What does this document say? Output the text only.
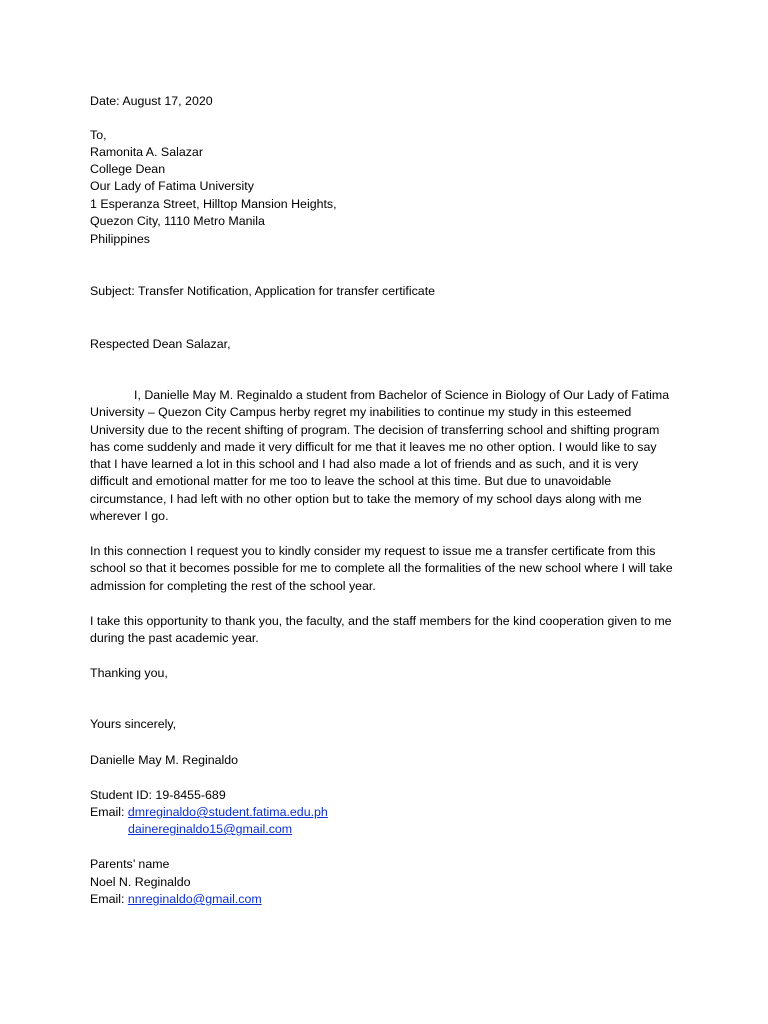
Date: August 17, 2020
To,
Ramonita A. Salazar
College Dean
Our Lady of Fatima University
1 Esperanza Street, Hilltop Mansion Heights,
Quezon City, 1110 Metro Manila
Philippines
Subject: Transfer Notification, Application for transfer certificate
Respected Dean Salazar,
I, Danielle May M. Reginaldo a student from Bachelor of Science in Biology of Our Lady of Fatima University – Quezon City Campus herby regret my inabilities to continue my study in this esteemed University due to the recent shifting of program. The decision of transferring school and shifting program has come suddenly and made it very difficult for me that it leaves me no other option. I would like to say that I have learned a lot in this school and I had also made a lot of friends and as such, and it is very difficult and emotional matter for me too to leave the school at this time. But due to unavoidable circumstance, I had left with no other option but to take the memory of my school days along with me wherever I go.
In this connection I request you to kindly consider my request to issue me a transfer certificate from this school so that it becomes possible for me to complete all the formalities of the new school where I will take admission for completing the rest of the school year.
I take this opportunity to thank you, the faculty, and the staff members for the kind cooperation given to me during the past academic year.
Thanking you,
Yours sincerely,
Danielle May M. Reginaldo
Student ID: 19-8455-689
Email: dmreginaldo@student.fatima.edu.ph
dainereginaldo15@gmail.com
Parents’ name
Noel N. Reginaldo
Email: nnreginaldo@gmail.com
